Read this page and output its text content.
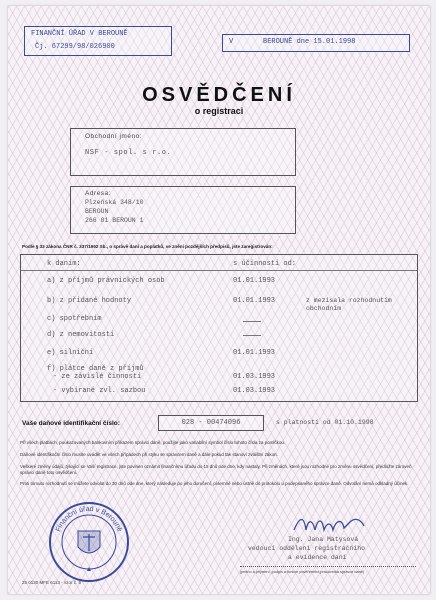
FINANČNÍ ÚŘAD V BEROUNĚ
Čj. 67299/98/026900
V	BEROUNĚ dne 15.01.1998
OSVĚDČENÍ
o registraci
Obchodní jméno:
NSF - spol. s r.o.
Adresa:
Plzeňská 348/10
BEROUN
266 01 BEROUN 1
Podle § 33 zákona ČNR č. 337/1992 Sb., o správě daní a poplatků, ve znění pozdějších předpisů, jste zaregistrován:
k daním:	s účinností od:
a) z příjmů právnických osob	01.01.1993
b) z přidané hodnoty	01.01.1993	z mezisala rozhodnutím obchodním
c) spotřebním
d) z nemovitostí
e) silniční	01.01.1993
f) plátce daně z příjmů
- ze závislé činnosti	01.03.1993
- vybírané zvl. sazbou	01.03.1993
Vaše daňové identifikační číslo:	028 - 00474096	s platností od 01.10.1998
Při všech platbách, poukazovaných bankovním příkazem správci daně, použijte jako variabilní symbol číslo tohoto čísla za pomlčkou.
Daňové identifikační číslo musíte uvádět ve všech případech při styku se správcem daně a dále pokud tak stanoví zvláštní zákon.
Veškeré změny údajů, týkající se Vaší registrace, jste povinen oznámit finančnímu úřadu do 15 dnů ode dne, kdy nastaly. Při změnách, které jsou rozhodné pro změnu osvědčení, předložte zároveň správci daně toto osvědčení.
Proti tomuto rozhodnutí se můžete odvolat do 30 dnů ode dne, který následuje po jeho doručení, písemně nebo ústně do protokolu u podepsaného správce daně. Odvolání nemá odkladný účinek.
Finanční úřad v Berouně
Ing. Jana Matysová
vedoucí oddělení registračního
a evidence daní
25 0130 MFE 6113 - vzor č. 5
(jméno a příjmení, podpis a funkce pověřeného pracovníka správce daně)
